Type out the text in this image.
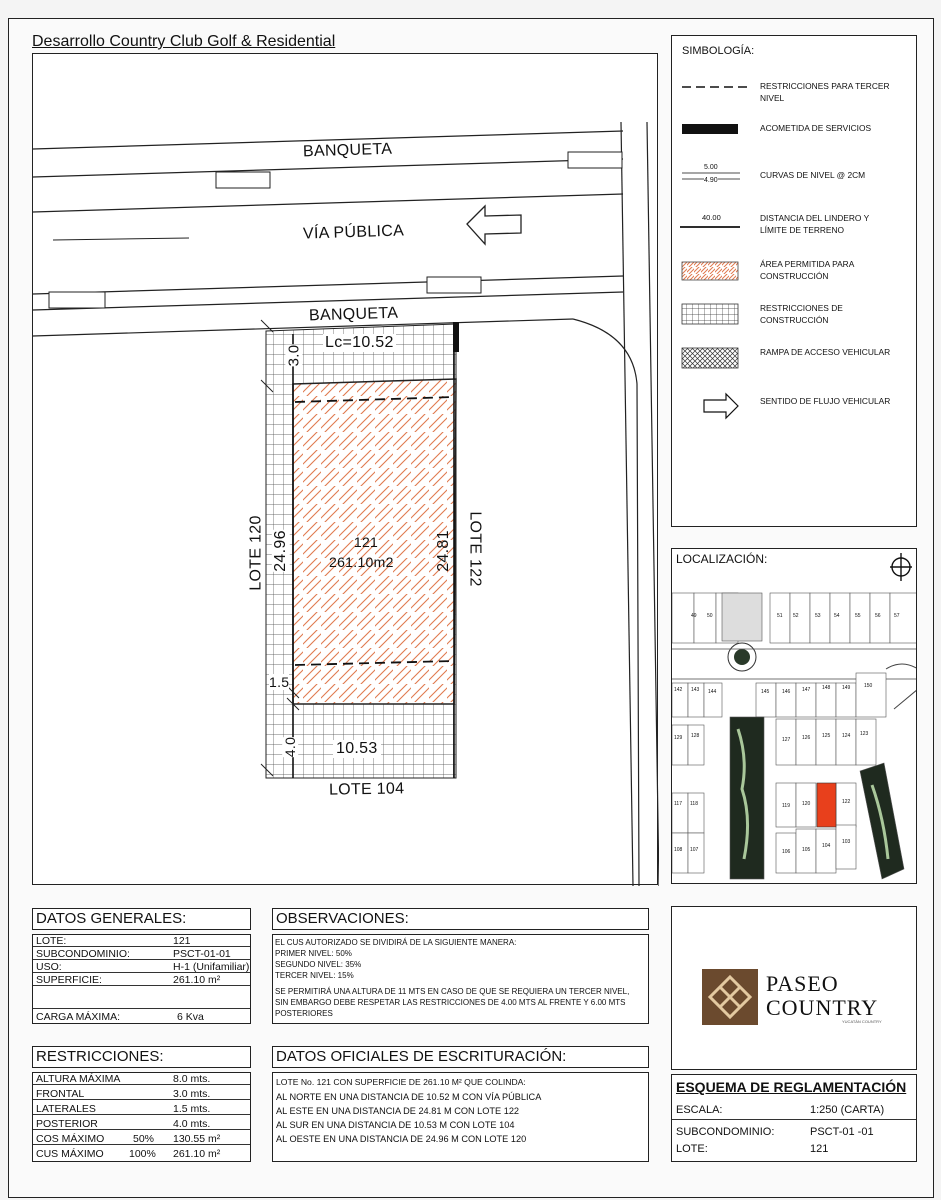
Desarrollo Country Club Golf & Residential
BANQUETA
VÍA PÚBLICA
BANQUETA
Lc=10.52
3.0
121
261.10m2
24.96	24.81
LOTE 120	LOTE 122
1.5
4.0 10.53
LOTE 104
SIMBOLOGÍA:
RESTRICCIONES PARA TERCER NIVEL
ACOMETIDA DE SERVICIOS
5.00
4.90
CURVAS DE NIVEL @ 2CM
40.00	DISTANCIA DEL LINDERO Y LÍMITE DE TERRENO
ÁREA PERMITIDA PARA CONSTRUCCIÓN
RESTRICCIONES DE CONSTRUCCIÓN
RAMPA DE ACCESO VEHICULAR
SENTIDO DE FLUJO VEHICULAR
49 50	51 52	53	54	55	56	57
142 143 144	145	146 147 148 149	150
129 128
127 126 125 124 123
117 118	119 120	122
108 107	106 105
104
103
LOCALIZACIÓN:
DATOS GENERALES:
LOTE:	121
SUBCONDOMINIO:	PSCT-01-01
USO:	H-1 (Unifamiliar)
SUPERFICIE:	261.10 m²
CARGA MÁXIMA:	6 Kva
RESTRICCIONES:
ALTURA MÁXIMA	8.0 mts.
FRONTAL	3.0 mts.
LATERALES	1.5 mts.
POSTERIOR	4.0 mts.
COS MÁXIMO	50% 130.55 m²
CUS MÁXIMO 100% 261.10 m²
OBSERVACIONES:
EL CUS AUTORIZADO SE DIVIDIRÁ DE LA SIGUIENTE MANERA:
PRIMER NIVEL: 50%
SEGUNDO NIVEL: 35%
TERCER NIVEL: 15%
SE PERMITIRÁ UNA ALTURA DE 11 MTS EN CASO DE QUE SE REQUIERA UN TERCER NIVEL,
SIN EMBARGO DEBE RESPETAR LAS RESTRICCIONES DE 4.00 MTS AL FRENTE Y 6.00 MTS
POSTERIORES
DATOS OFICIALES DE ESCRITURACIÓN:
LOTE No. 121 CON SUPERFICIE DE 261.10 M² QUE COLINDA:
AL NORTE EN UNA DISTANCIA DE 10.52 M CON VÍA PÚBLICA
AL ESTE EN UNA DISTANCIA DE 24.81 M CON LOTE 122
AL SUR EN UNA DISTANCIA DE 10.53 M CON LOTE 104
AL OESTE EN UNA DISTANCIA DE 24.96 M CON LOTE 120
PASEO
COUNTRY
YUCATÁN COUNTRY
ESQUEMA DE REGLAMENTACIÓN
ESCALA:	1:250 (CARTA)
SUBCONDOMINIO:	PSCT-01 -01
LOTE:	121
